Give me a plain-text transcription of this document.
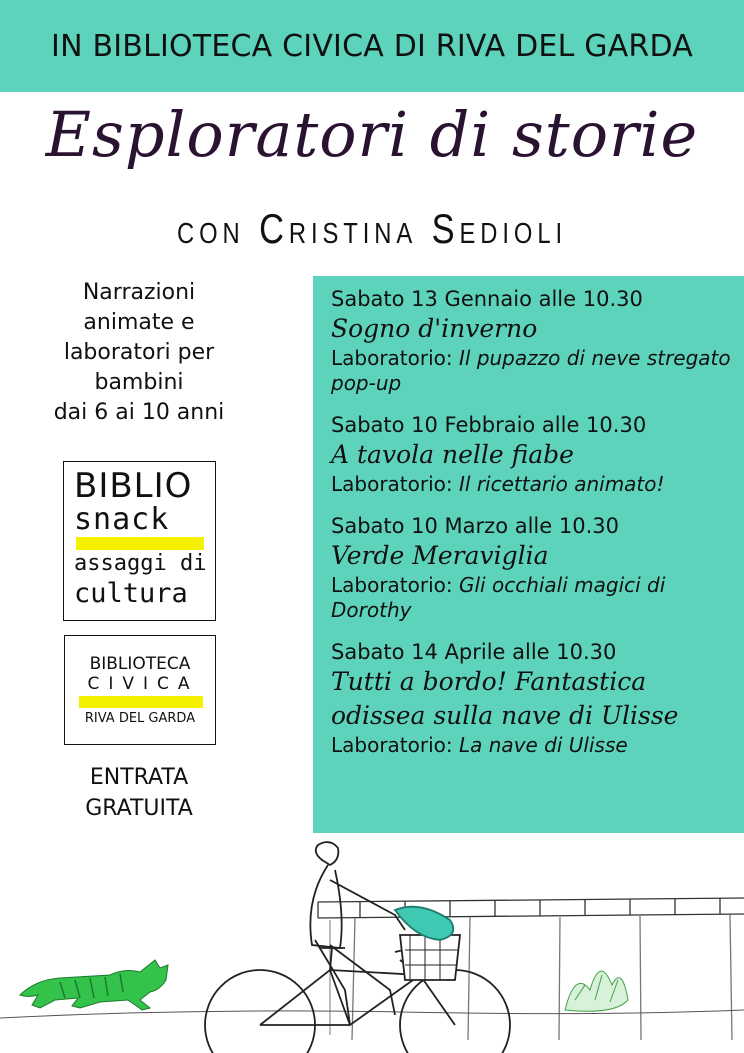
IN BIBLIOTECA CIVICA DI RIVA DEL GARDA
Esploratori di storie
con Cristina Sedioli
Narrazioni
animate e
laboratori per
bambini
dai 6 ai 10 anni
BIBLIO
snack
assaggi di
cultura
BIBLIOTECA
CIVICA
RIVA DEL GARDA
ENTRATA
GRATUITA
Sabato 13 Gennaio alle 10.30
Sogno d'inverno
Laboratorio: Il pupazzo di neve stregato pop-up
Sabato 10 Febbraio alle 10.30
A tavola nelle fiabe
Laboratorio: Il ricettario animato!
Sabato 10 Marzo alle 10.30
Verde Meraviglia
Laboratorio: Gli occhiali magici di Dorothy
Sabato 14 Aprile alle 10.30
Tutti a bordo! Fantastica odissea sulla nave di Ulisse
Laboratorio: La nave di Ulisse
